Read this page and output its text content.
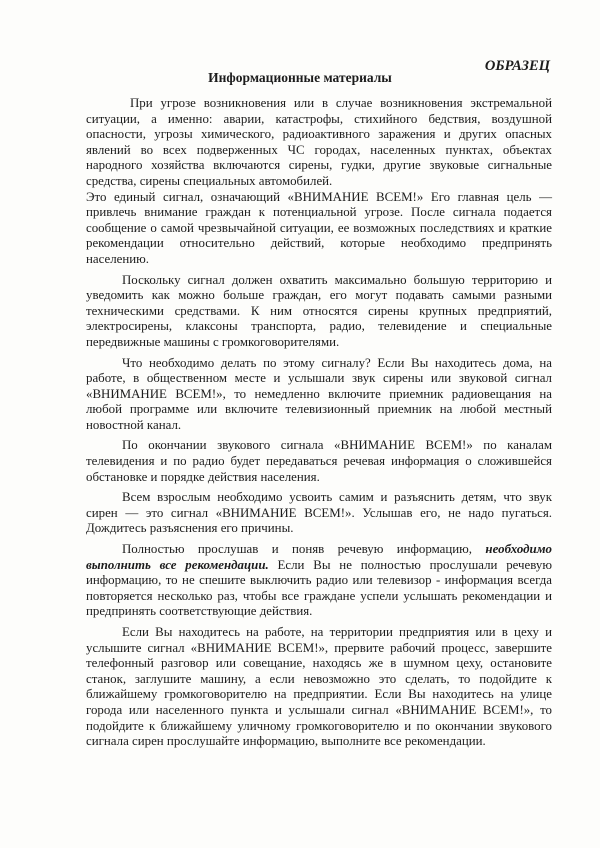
ОБРАЗЕЦ
Информационные материалы

При угрозе возникновения или в случае возникновения экстремальной ситуации, а именно: аварии, катастрофы, стихийного бедствия, воздушной опасности, угрозы химического, радиоактивного заражения и других опасных явлений во всех подверженных ЧС городах, населенных пунктах, объектах народного хозяйства включаются сирены, гудки, другие звуковые сигнальные средства, сирены специальных автомобилей.

Это единый сигнал, означающий «ВНИМАНИЕ ВСЕМ!» Его главная цель — привлечь внимание граждан к потенциальной угрозе. После сигнала подается сообщение о самой чрезвычайной ситуации, ее возможных последствиях и краткие рекомендации относительно действий, которые необходимо предпринять населению.

Поскольку сигнал должен охватить максимально большую территорию и уведомить как можно больше граждан, его могут подавать самыми разными техническими средствами. К ним относятся сирены крупных предприятий, электросирены, клаксоны транспорта, радио, телевидение и специальные передвижные машины с громкоговорителями.

Что необходимо делать по этому сигналу? Если Вы находитесь дома, на работе, в общественном месте и услышали звук сирены или звуковой сигнал «ВНИМАНИЕ ВСЕМ!», то немедленно включите приемник радиовещания на любой программе или включите телевизионный приемник на любой местный новостной канал.

По окончании звукового сигнала «ВНИМАНИЕ ВСЕМ!» по каналам телевидения и по радио будет передаваться речевая информация о сложившейся обстановке и порядке действия населения.

Всем взрослым необходимо усвоить самим и разъяснить детям, что звук сирен — это сигнал «ВНИМАНИЕ ВСЕМ!». Услышав его, не надо пугаться. Дождитесь разъяснения его причины.

Полностью прослушав и поняв речевую информацию, необходимо выполнить все рекомендации. Если Вы не полностью прослушали речевую информацию, то не спешите выключить радио или телевизор - информация всегда повторяется несколько раз, чтобы все граждане успели услышать рекомендации и предпринять соответствующие действия.

Если Вы находитесь на работе, на территории предприятия или в цеху и услышите сигнал «ВНИМАНИЕ ВСЕМ!», прервите рабочий процесс, завершите телефонный разговор или совещание, находясь же в шумном цеху, остановите станок, заглушите машину, а если невозможно это сделать, то подойдите к ближайшему громкоговорителю на предприятии. Если Вы находитесь на улице города или населенного пункта и услышали сигнал «ВНИМАНИЕ ВСЕМ!», то подойдите к ближайшему уличному громкоговорителю и по окончании звукового сигнала сирен прослушайте информацию, выполните все рекомендации.
